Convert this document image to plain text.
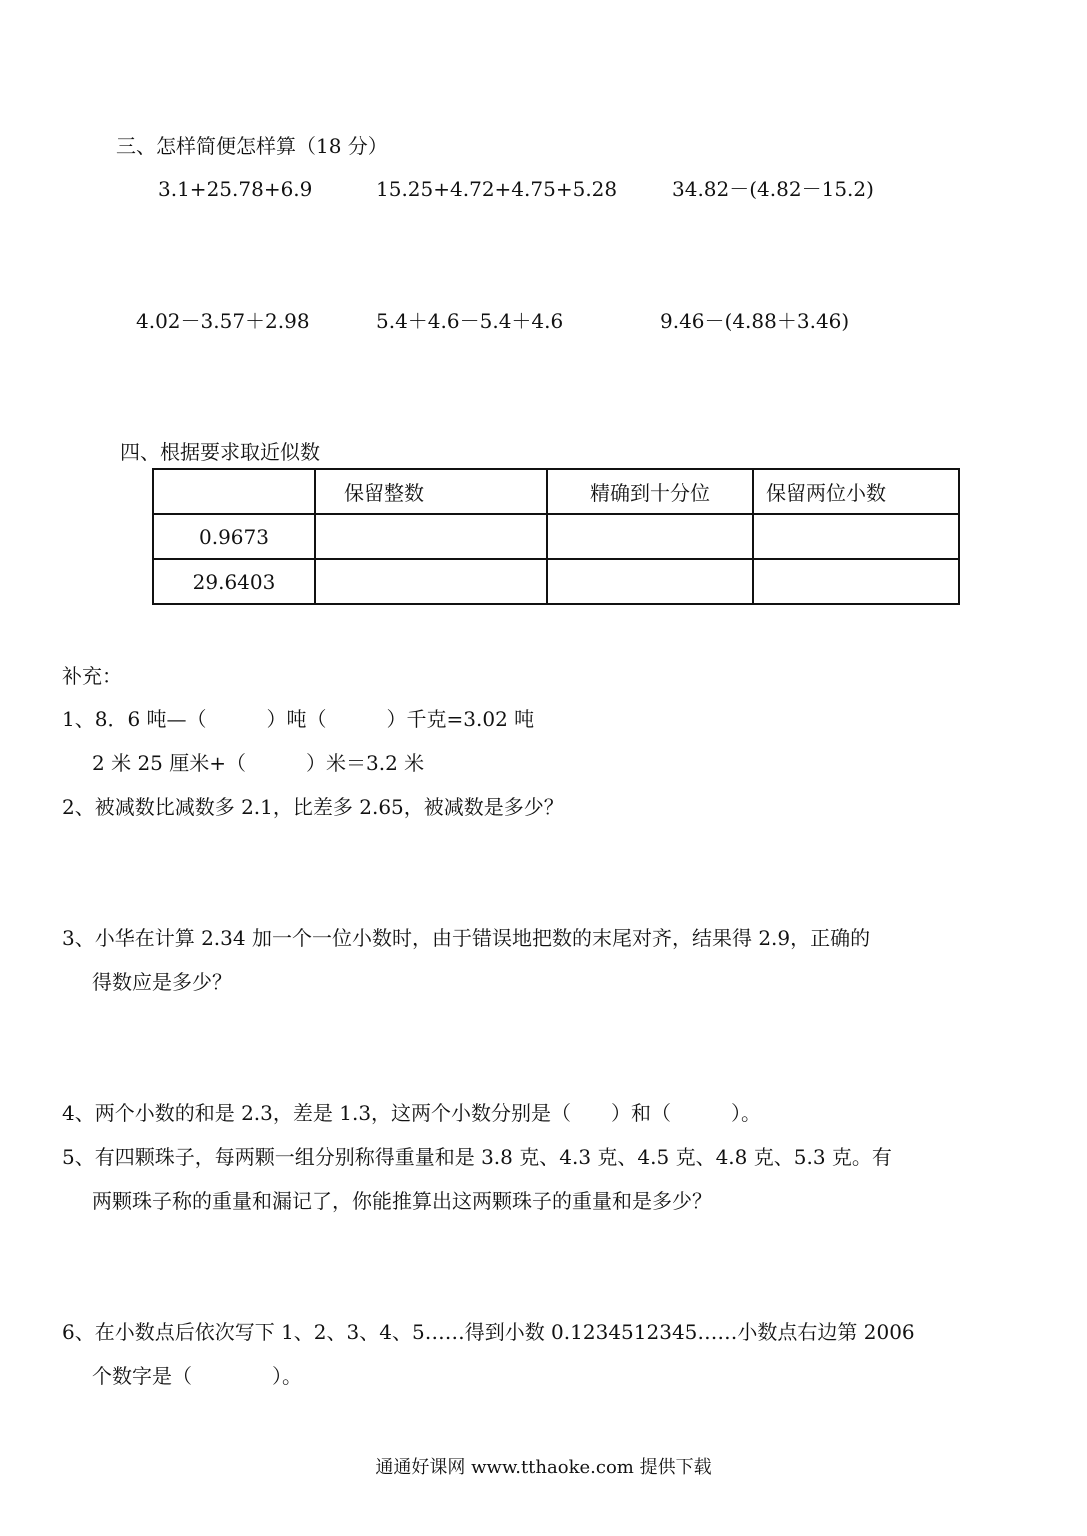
三、怎样简便怎样算（18 分）
3.1+25.78+6.9	15.25+4.72+4.75+5.28	34.82－(4.82－15.2)
4.02－3.57＋2.98	5.4＋4.6－5.4＋4.6	9.46－(4.88＋3.46)
四、根据要求取近似数
	保留整数	精确到十分位	保留两位小数
0.9673			
29.6403			
补充：
1、8．6 吨—（　　　）吨（　　　）千克=3.02 吨
2 米 25 厘米+（　　　）米＝3.2 米
2、被减数比减数多 2.1，比差多 2.65，被减数是多少？
3、小华在计算 2.34 加一个一位小数时，由于错误地把数的末尾对齐，结果得 2.9，正确的
得数应是多少？
4、两个小数的和是 2.3，差是 1.3，这两个小数分别是（　　）和（　　　）。
5、有四颗珠子，每两颗一组分别称得重量和是 3.8 克、4.3 克、4.5 克、4.8 克、5.3 克。有
两颗珠子称的重量和漏记了，你能推算出这两颗珠子的重量和是多少？
6、在小数点后依次写下 1、2、3、4、5……得到小数 0.1234512345……小数点右边第 2006
个数字是（　　　　）。
通通好课网 www.tthaoke.com 提供下载
